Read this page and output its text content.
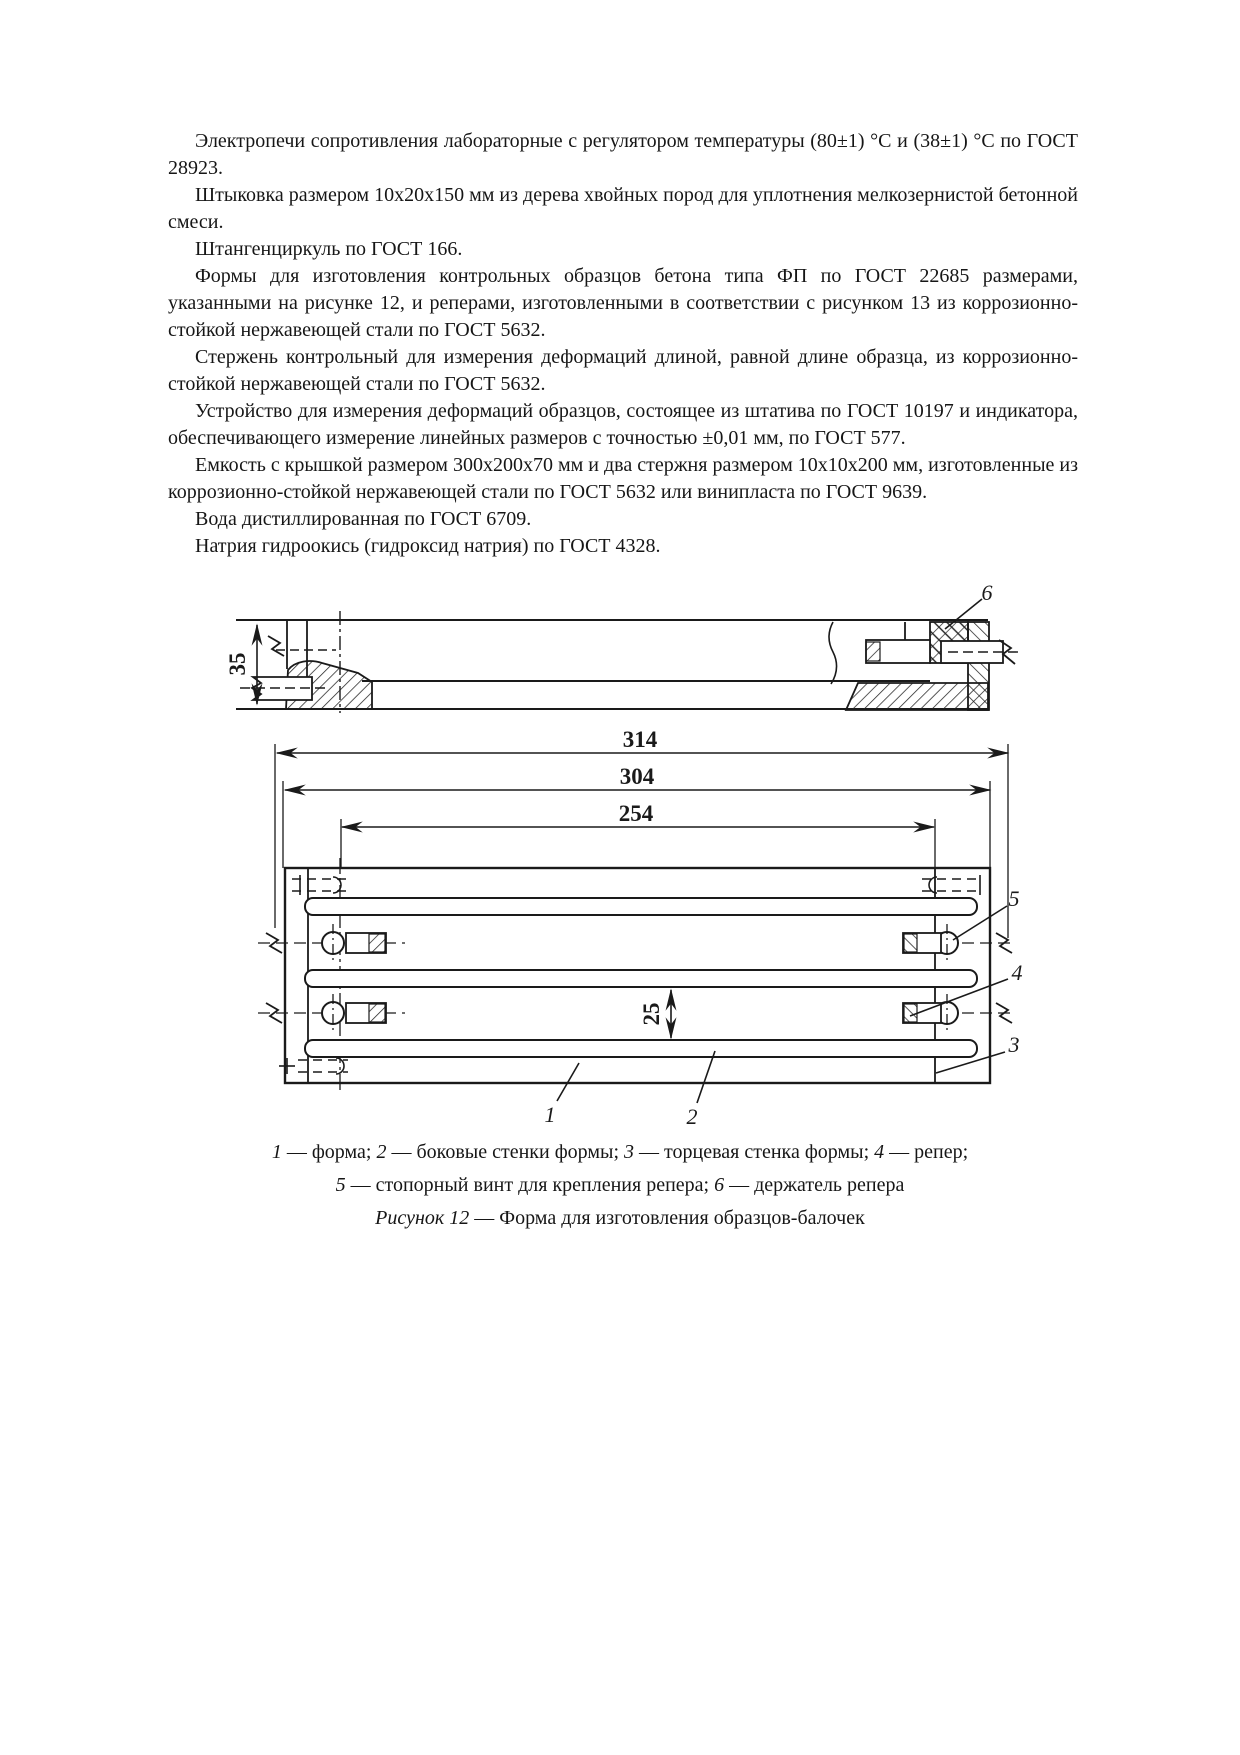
Электропечи сопротивления лабораторные с регулятором температуры (80±1) °С и (38±1) °С по ГОСТ 28923.

Штыковка размером 10х20х150 мм из дерева хвойных пород для уплотнения мелкозернистой бетонной смеси.

Штангенциркуль по ГОСТ 166.

Формы для изготовления контрольных образцов бетона типа ФП по ГОСТ 22685 размерами, указанными на рисунке 12, и реперами, изготовленными в соответствии с рисунком 13 из коррозионно-стойкой нержавеющей стали по ГОСТ 5632.

Стержень контрольный для измерения деформаций длиной, равной длине образца, из коррозионно-стойкой нержавеющей стали по ГОСТ 5632.

Устройство для измерения деформаций образцов, состоящее из штатива по ГОСТ 10197 и индикатора, обеспечивающего измерение линейных размеров с точностью ±0,01 мм, по ГОСТ 577.

Емкость с крышкой размером 300х200х70 мм и два стержня размером 10х10х200 мм, изготовленные из коррозионно-стойкой нержавеющей стали по ГОСТ 5632 или винипласта по ГОСТ 9639.

Вода дистиллированная по ГОСТ 6709.

Натрия гидроокись (гидроксид натрия) по ГОСТ 4328.

35
6
314
304
254
25
5
4
3
1	2
1 — форма; 2 — боковые стенки формы; 3 — торцевая стенка формы; 4 — репер;
5 — стопорный винт для крепления репера; 6 — держатель репера
Рисунок 12 — Форма для изготовления образцов-балочек
